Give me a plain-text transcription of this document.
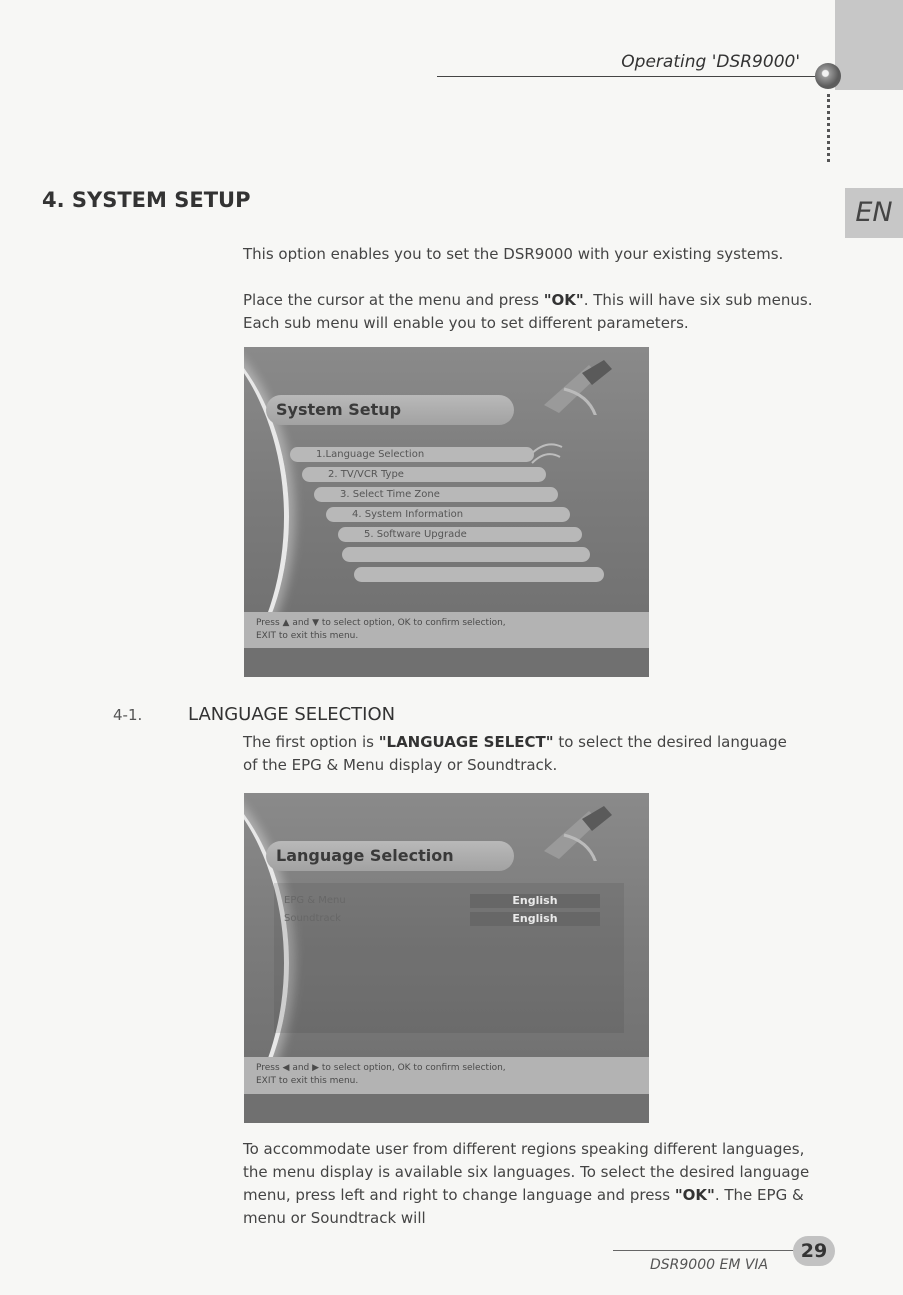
Operating 'DSR9000'
EN
4. SYSTEM SETUP

This option enables you to set the DSR9000 with your existing systems.

Place the cursor at the menu and press "OK". This will have six sub menus. Each sub menu will enable you to set different parameters.

System Setup
1.Language Selection
2. TV/VCR Type
3. Select Time Zone
4. System Information
5. Software Upgrade
Press ▲ and ▼ to select option, OK to confirm selection,
EXIT to exit this menu.
4-1.	LANGUAGE SELECTION

The first option is "LANGUAGE SELECT" to select the desired language of the EPG & Menu display or Soundtrack.

Language Selection
EPG & Menu	English
Soundtrack	English
Press ◀ and ▶ to select option, OK to confirm selection,
EXIT to exit this menu.

To accommodate user from different regions speaking different languages, the menu display is available six languages. To select the desired language menu, press left and right to change language and press "OK". The EPG & menu or Soundtrack will

29
DSR9000 EM VIA
